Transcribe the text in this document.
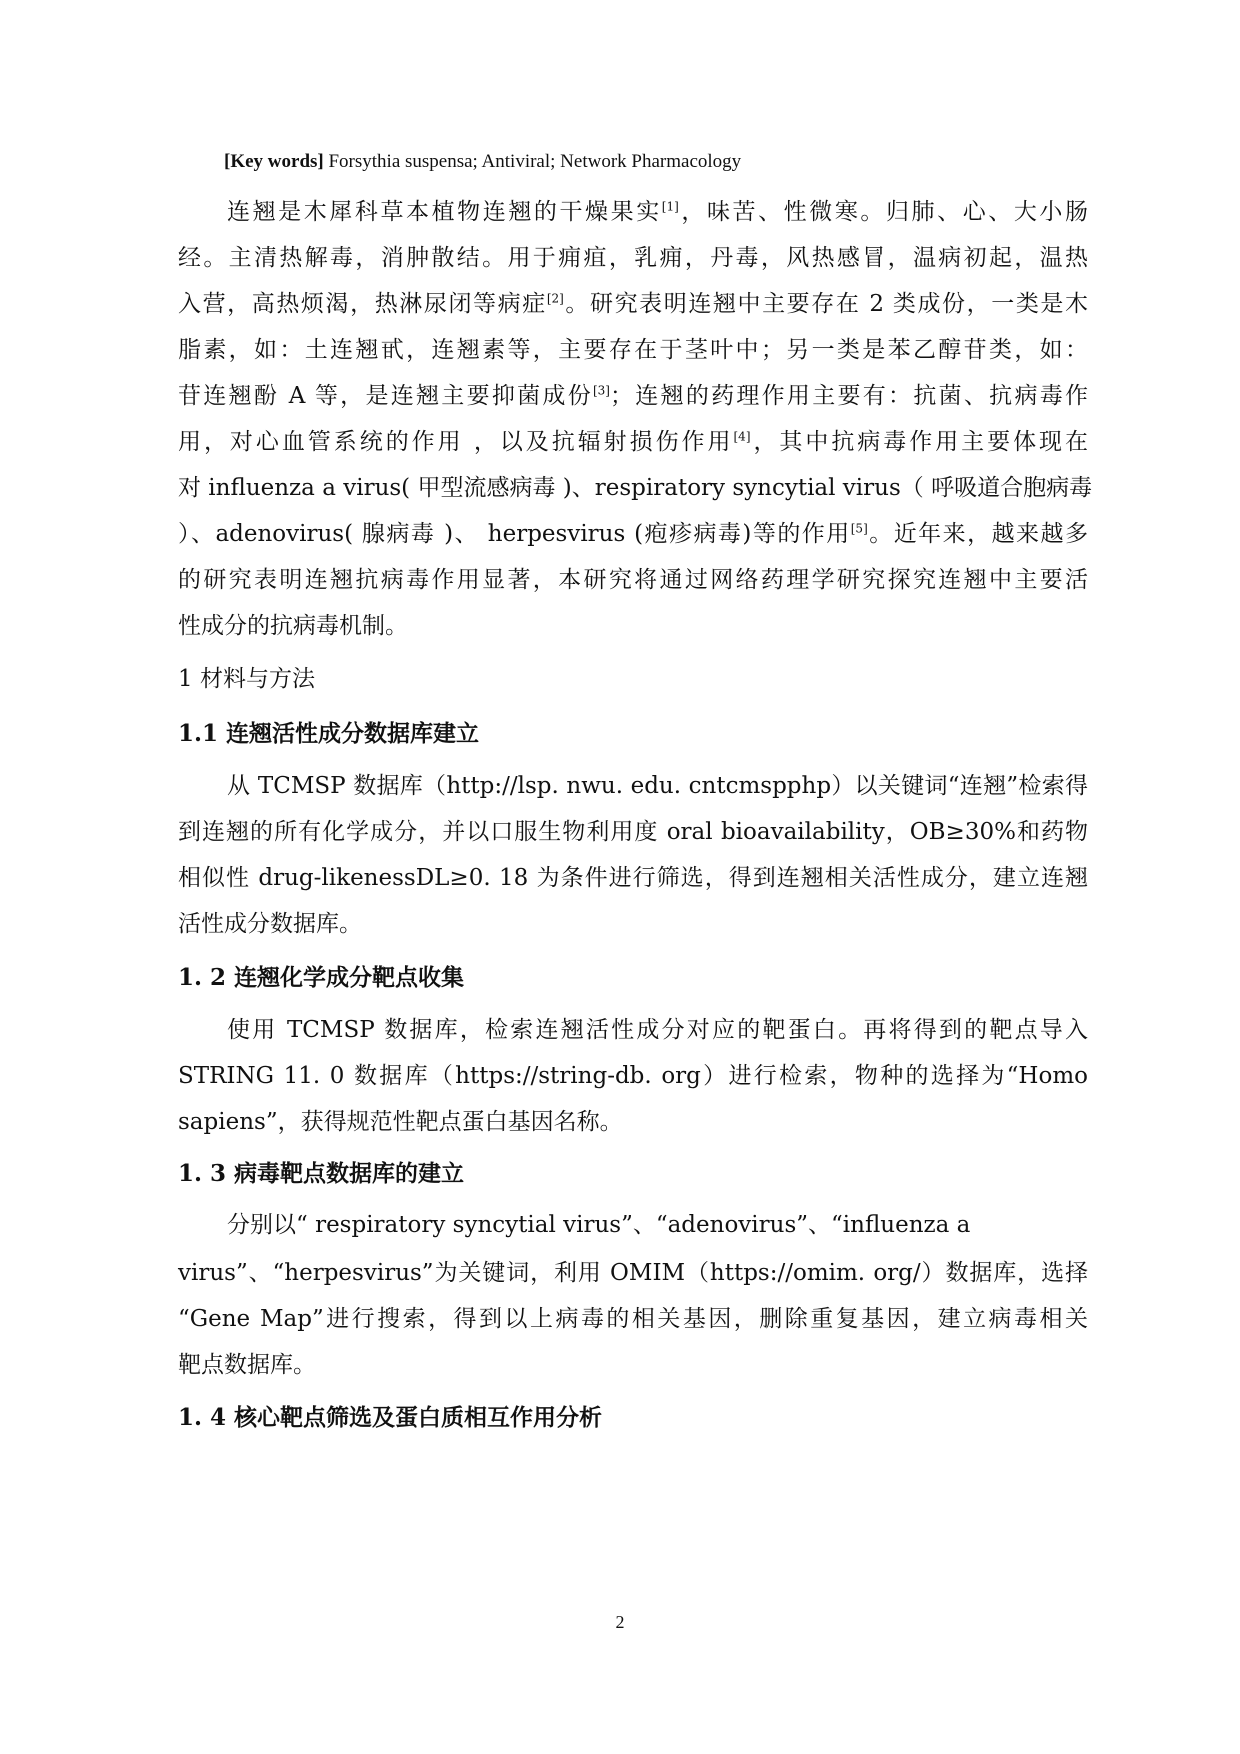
[Key words] Forsythia suspensa; Antiviral; Network Pharmacology
连翘是木犀科草本植物连翘的干燥果实[1]，味苦、性微寒。归肺、心、大小肠
经。主清热解毒，消肿散结。用于痈疽，乳痈，丹毒，风热感冒，温病初起，温热
入营，高热烦渴，热淋尿闭等病症[2]。研究表明连翘中主要存在 2 类成份，一类是木
脂素，如：土连翘甙，连翘素等，主要存在于茎叶中；另一类是苯乙醇苷类，如：
苷连翘酚 A 等，是连翘主要抑菌成份[3]；连翘的药理作用主要有：抗菌、抗病毒作
用，对心血管系统的作用 ，以及抗辐射损伤作用[4]，其中抗病毒作用主要体现在
对 influenza a virus( 甲型流感病毒 )、respiratory syncytial virus（ 呼吸道合胞病毒
）、adenovirus( 腺病毒 )、 herpesvirus (疱疹病毒)等的作用[5]。近年来，越来越多
的研究表明连翘抗病毒作用显著，本研究将通过网络药理学研究探究连翘中主要活
性成分的抗病毒机制。
1 材料与方法
1.1 连翘活性成分数据库建立
从 TCMSP 数据库（http://lsp. nwu. edu. cntcmspphp）以关键词“连翘”检索得
到连翘的所有化学成分，并以口服生物利用度 oral bioavailability，OB≥30%和药物
相似性 drug-likenessDL≥0. 18 为条件进行筛选，得到连翘相关活性成分，建立连翘
活性成分数据库。
1. 2 连翘化学成分靶点收集
使用 TCMSP 数据库，检索连翘活性成分对应的靶蛋白。再将得到的靶点导入
STRING 11. 0 数据库（https://string-db. org）进行检索，物种的选择为“Homo
sapiens”，获得规范性靶点蛋白基因名称。
1. 3 病毒靶点数据库的建立
分别以“ respiratory syncytial virus”、“adenovirus”、“influenza a
virus”、“herpesvirus”为关键词，利用 OMIM（https://omim. org/）数据库，选择
“Gene Map”进行搜索，得到以上病毒的相关基因，删除重复基因，建立病毒相关
靶点数据库。
1. 4 核心靶点筛选及蛋白质相互作用分析
2
